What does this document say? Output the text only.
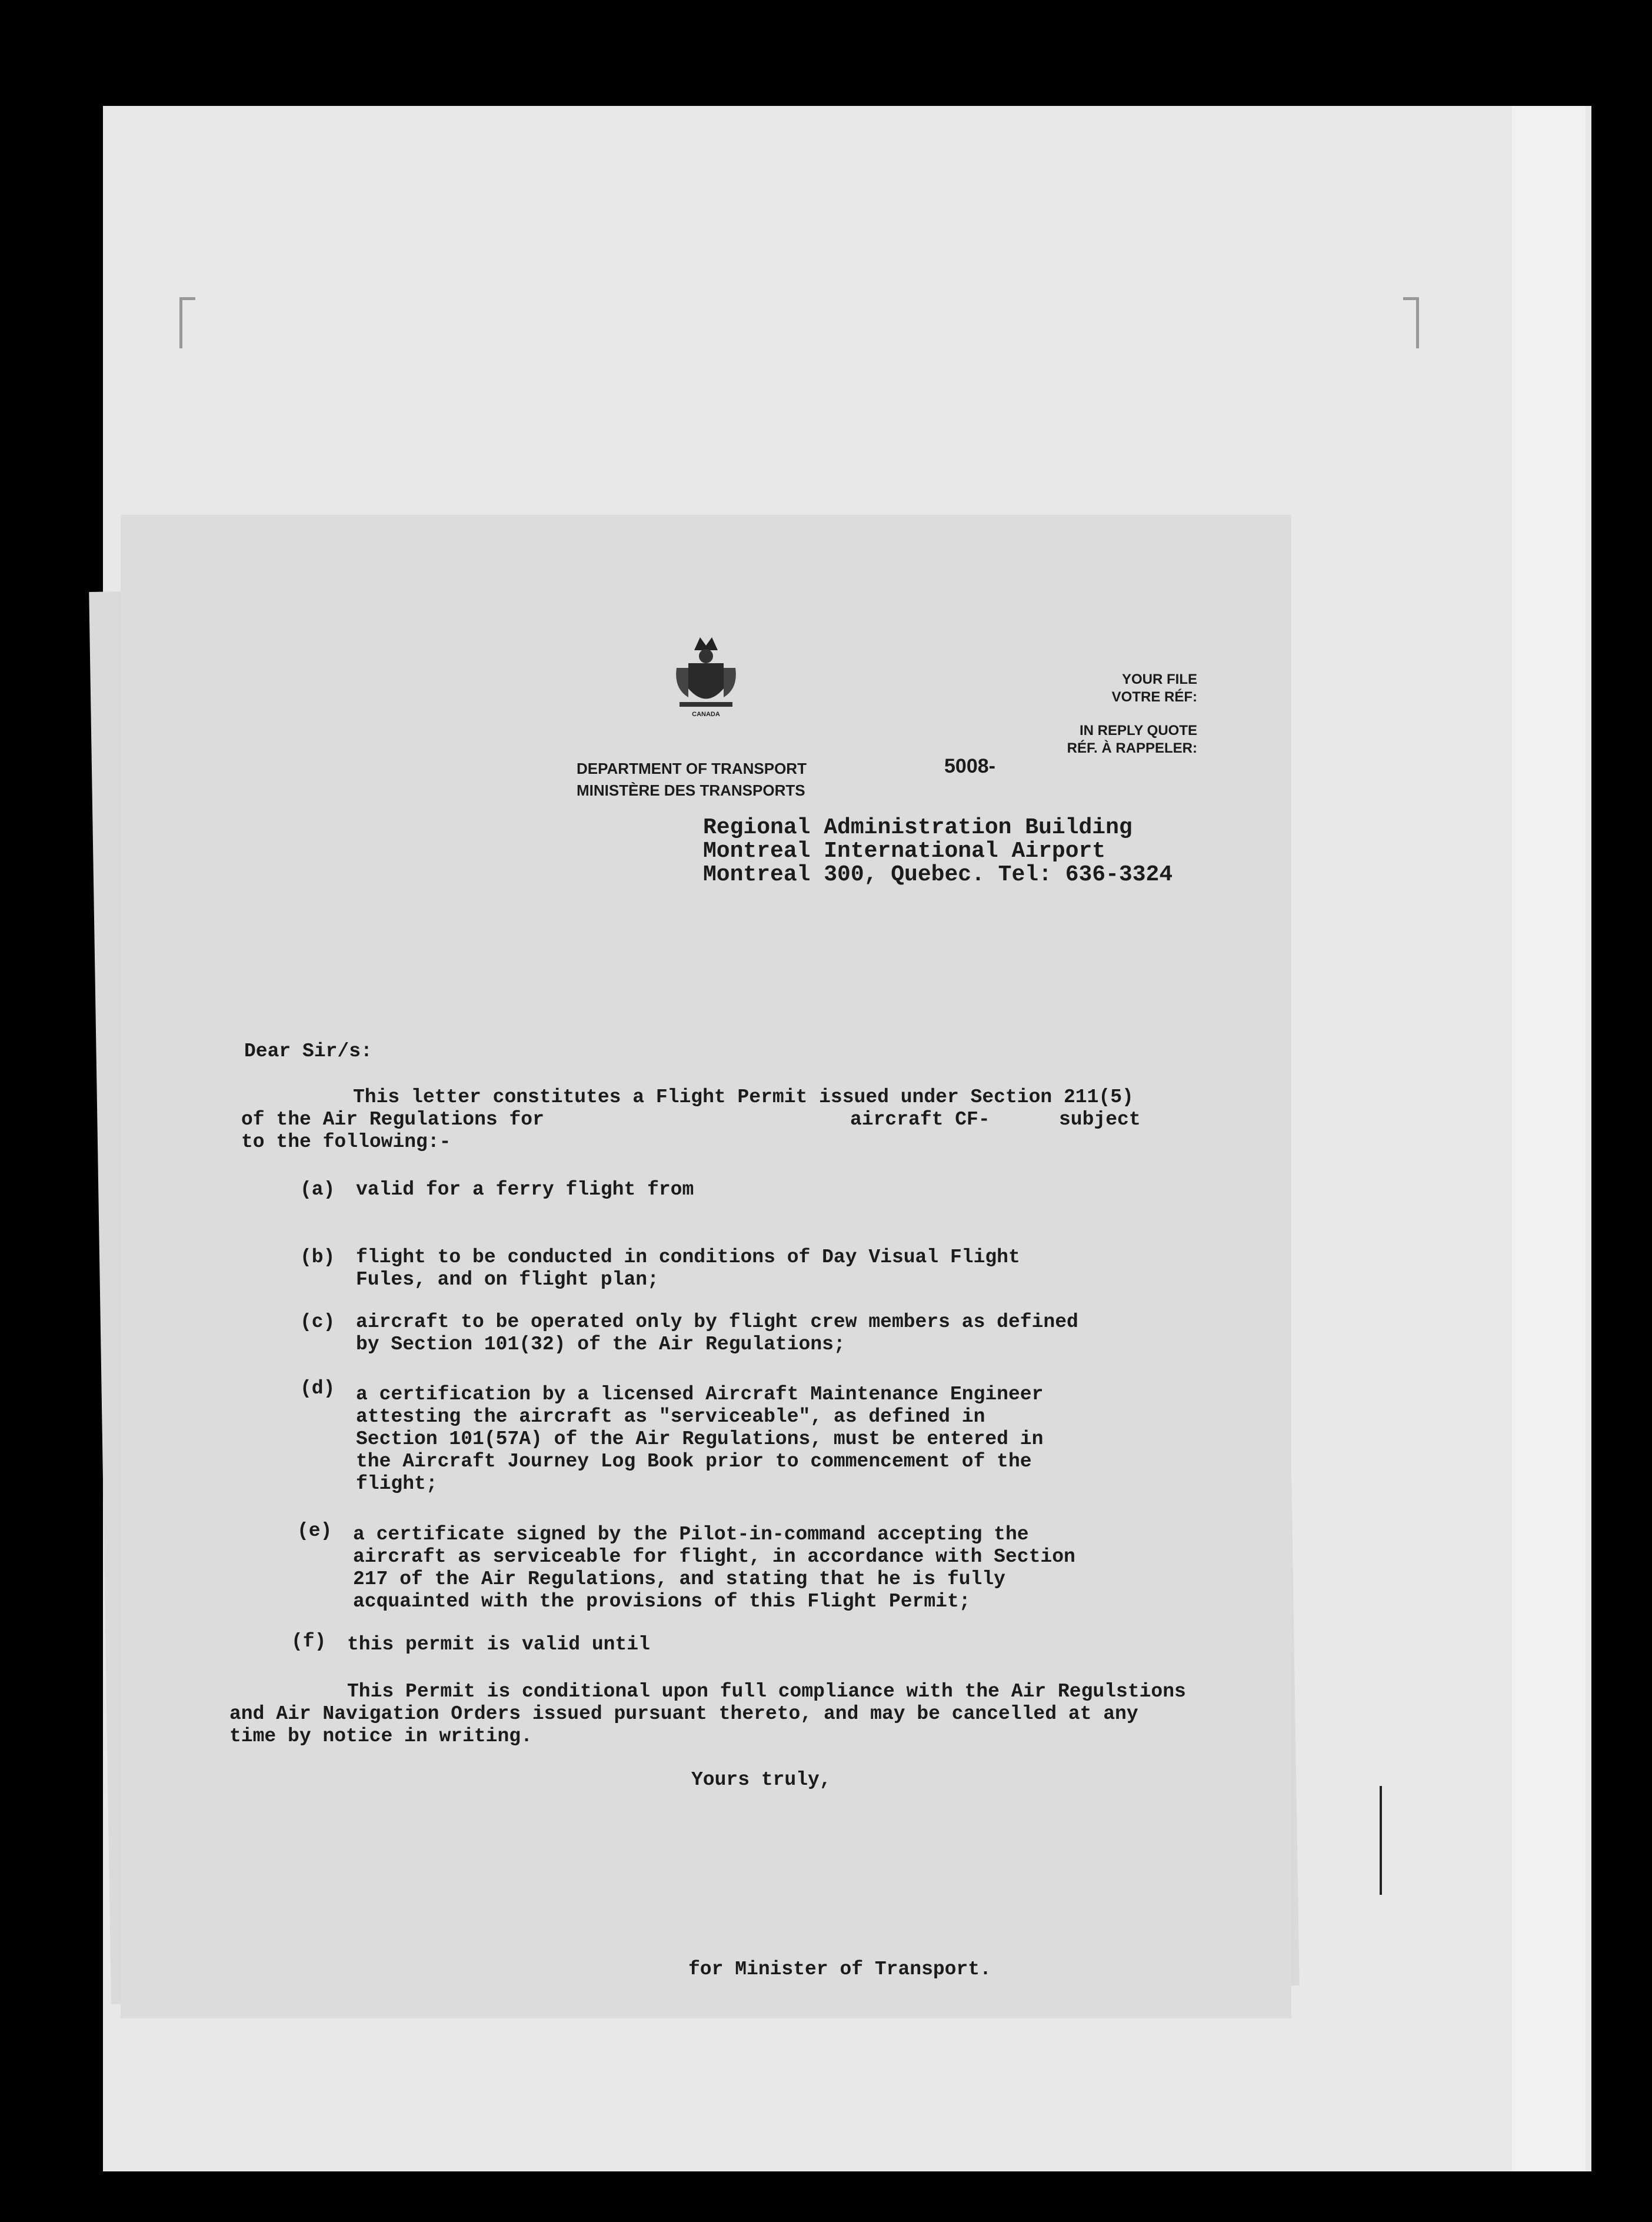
CANADA

DEPARTMENT OF TRANSPORT

MINISTÈRE DES TRANSPORTS

YOUR FILE

VOTRE RÉF:

IN REPLY QUOTE

RÉF. À RAPPELER:

5008-

Regional Administration Building

Montreal International Airport

Montreal 300, Quebec. Tel: 636-3324

Dear Sir/s:

This letter constitutes a Flight Permit issued under Section 211(5)

of the Air Regulations for	aircraft CF-	subject

to the following:-

(a) valid for a ferry flight from

(b) flight to be conducted in conditions of Day Visual Flight

Fules, and on flight plan;

(c) aircraft to be operated only by flight crew members as defined

by Section 101(32) of the Air Regulations;

(d) a certification by a licensed Aircraft Maintenance Engineer

attesting the aircraft as "serviceable", as defined in

Section 101(57A) of the Air Regulations, must be entered in

the Aircraft Journey Log Book prior to commencement of the

flight;

(e) a certificate signed by the Pilot-in-command accepting the

aircraft as serviceable for flight, in accordance with Section

217 of the Air Regulations, and stating that he is fully

acquainted with the provisions of this Flight Permit;

(f) this permit is valid until

This Permit is conditional upon full compliance with the Air Regulstions

and Air Navigation Orders issued pursuant thereto, and may be cancelled at any

time by notice in writing.

Yours truly,

for Minister of Transport.
